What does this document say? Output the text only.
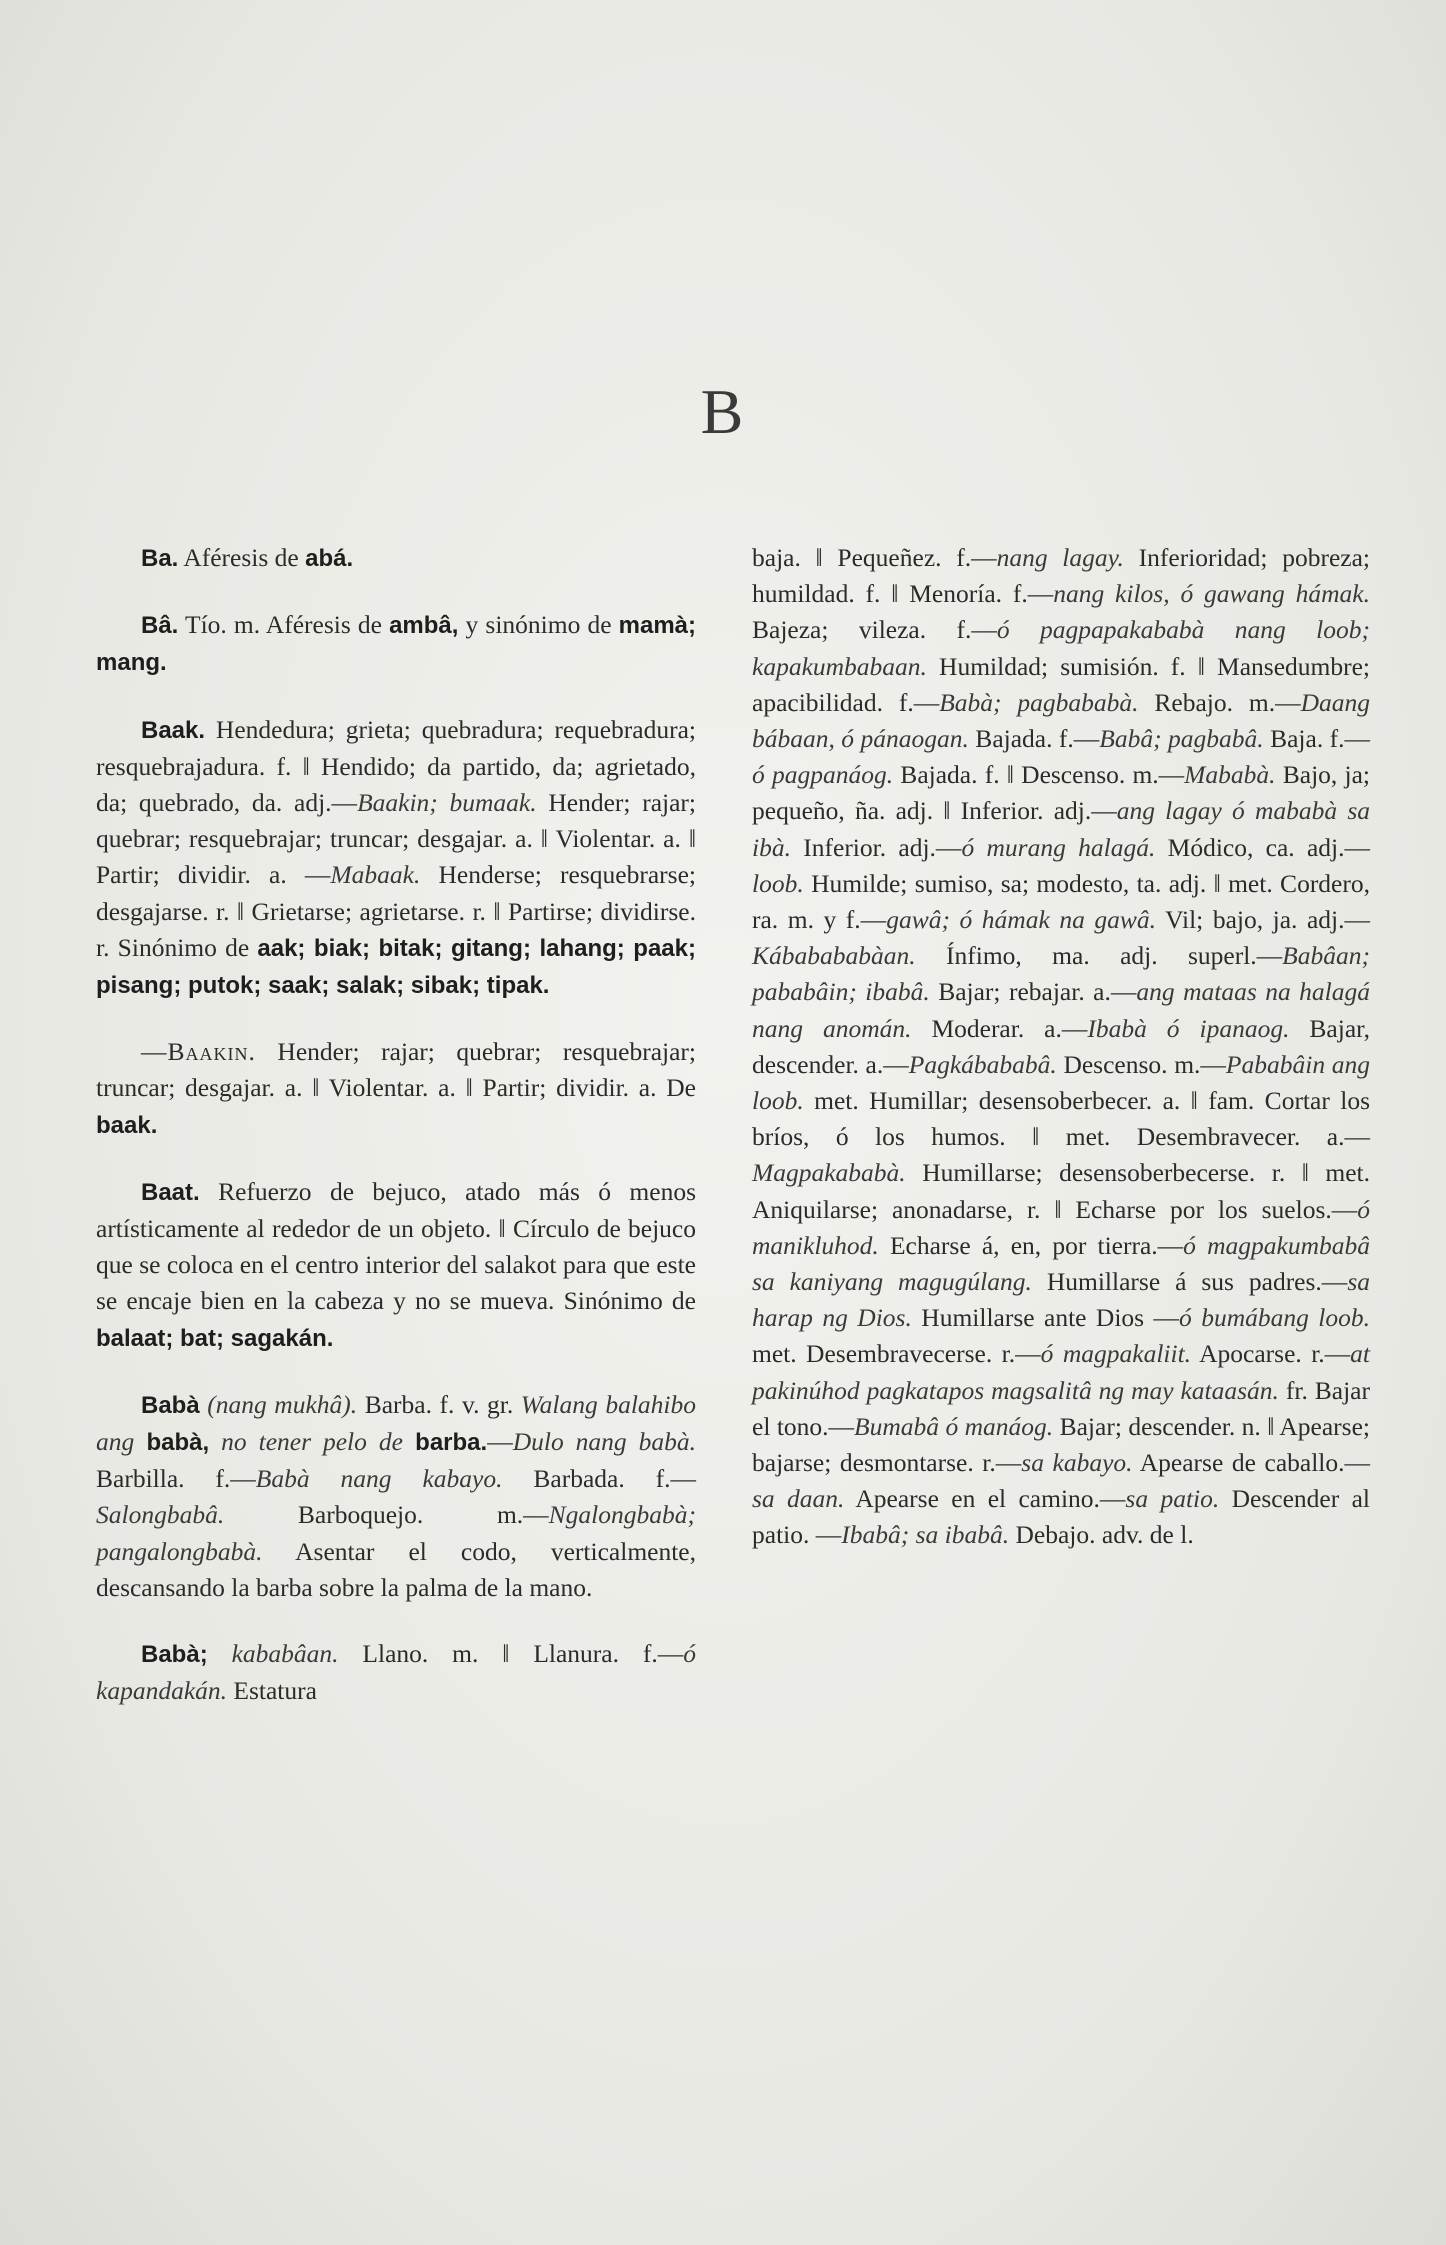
B

Ba. Aféresis de abá.

Bâ. Tío. m. Aféresis de ambâ, y sinónimo de mamà; mang.

Baak. Hendedura; grieta; quebradura; requebradura; resquebrajadura. f. ‖ Hendido; da partido, da; agrietado, da; quebrado, da. adj.—Baakin; bumaak. Hender; rajar; quebrar; resquebrajar; truncar; desgajar. a. ‖ Violentar. a. ‖ Partir; dividir. a. —Mabaak. Henderse; resquebrarse; desgajarse. r. ‖ Grietarse; agrietarse. r. ‖ Partirse; dividirse. r. Sinónimo de aak; biak; bitak; gitang; lahang; paak; pisang; putok; saak; salak; sibak; tipak.

—Baakin. Hender; rajar; quebrar; resquebrajar; truncar; desgajar. a. ‖ Violentar. a. ‖ Partir; dividir. a. De baak.

Baat. Refuerzo de bejuco, atado más ó menos artísticamente al rededor de un objeto. ‖ Círculo de bejuco que se coloca en el centro interior del salakot para que este se encaje bien en la cabeza y no se mueva. Sinónimo de balaat; bat; sagakán.

Babà (nang mukhâ). Barba. f. v. gr. Walang balahibo ang babà, no tener pelo de barba.—Dulo nang babà. Barbilla. f.—Babà nang kabayo. Barbada. f.—Salongbabâ. Barboquejo. m.—Ngalongbabà; pangalongbabà. Asentar el codo, verticalmente, descansando la barba sobre la palma de la mano.

Babà; kababâan. Llano. m. ‖ Llanura. f.—ó kapandakán. Estatura

baja. ‖ Pequeñez. f.—nang lagay. Inferioridad; pobreza; humildad. f. ‖ Menoría. f.—nang kilos, ó gawang hámak. Bajeza; vileza. f.—ó pagpapakababà nang loob; kapakumbabaan. Humildad; sumisión. f. ‖ Mansedumbre; apacibilidad. f.—Babà; pagbababà. Rebajo. m.—Daang bábaan, ó pánaogan. Bajada. f.—Babâ; pagbabâ. Baja. f.—ó pagpanáog. Bajada. f. ‖ Descenso. m.—Mababà. Bajo, ja; pequeño, ña. adj. ‖ Inferior. adj.—ang lagay ó mababà sa ibà. Inferior. adj.—ó murang halagá. Módico, ca. adj.—loob. Humilde; sumiso, sa; modesto, ta. adj. ‖ met. Cordero, ra. m. y f.—gawâ; ó hámak na gawâ. Vil; bajo, ja. adj.—Kábabababàan. Ínfimo, ma. adj. superl.—Babâan; pababâin; ibabâ. Bajar; rebajar. a.—ang mataas na halagá nang anomán. Moderar. a.—Ibabà ó ipanaog. Bajar, descender. a.—Pagkábababâ. Descenso. m.—Pababâin ang loob. met. Humillar; desensoberbecer. a. ‖ fam. Cortar los bríos, ó los humos. ‖ met. Desembravecer. a.—Magpakababà. Humillarse; desensoberbecerse. r. ‖ met. Aniquilarse; anonadarse, r. ‖ Echarse por los suelos.—ó manikluhod. Echarse á, en, por tierra.—ó magpakumbabâ sa kaniyang magugúlang. Humillarse á sus padres.—sa harap ng Dios. Humillarse ante Dios —ó bumábang loob. met. Desembravecerse. r.—ó magpakaliit. Apocarse. r.—at pakinúhod pagkatapos magsalitâ ng may kataasán. fr. Bajar el tono.—Bumabâ ó manáog. Bajar; descender. n. ‖ Apearse; bajarse; desmontarse. r.—sa kabayo. Apearse de caballo.—sa daan. Apearse en el camino.—sa patio. Descender al patio. —Ibabâ; sa ibabâ. Debajo. adv. de l.
